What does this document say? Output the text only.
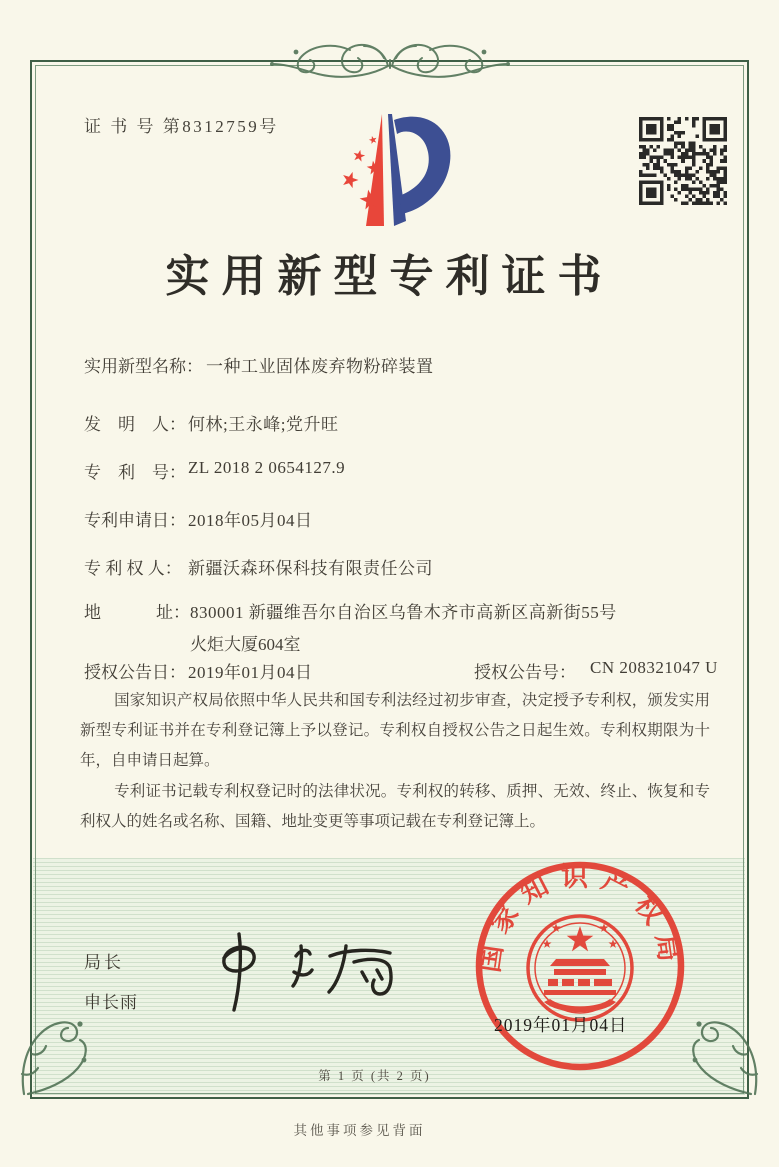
证 书 号 第8312759号
实用新型专利证书
实用新型名称： 一种工业固体废弃物粉碎装置
发　明　人： 何林;王永峰;党升旺
专　利　号： ZL 2018 2 0654127.9
专利申请日： 2018年05月04日
专 利 权 人： 新疆沃森环保科技有限责任公司
地	址： 830001 新疆维吾尔自治区乌鲁木齐市高新区高新街55号
火炬大厦604室
授权公告日： 2019年01月04日	授权公告号： CN 208321047 U

国家知识产权局依照中华人民共和国专利法经过初步审查，决定授予专利权，颁发实用新型专利证书并在专利登记簿上予以登记。专利权自授权公告之日起生效。专利权期限为十年，自申请日起算。

专利证书记载专利权登记时的法律状况。专利权的转移、质押、无效、终止、恢复和专利权人的姓名或名称、国籍、地址变更等事项记载在专利登记簿上。

局长
申长雨
国家知识产权局
2019年01月04日
第 1 页 (共 2 页)
其他事项参见背面
